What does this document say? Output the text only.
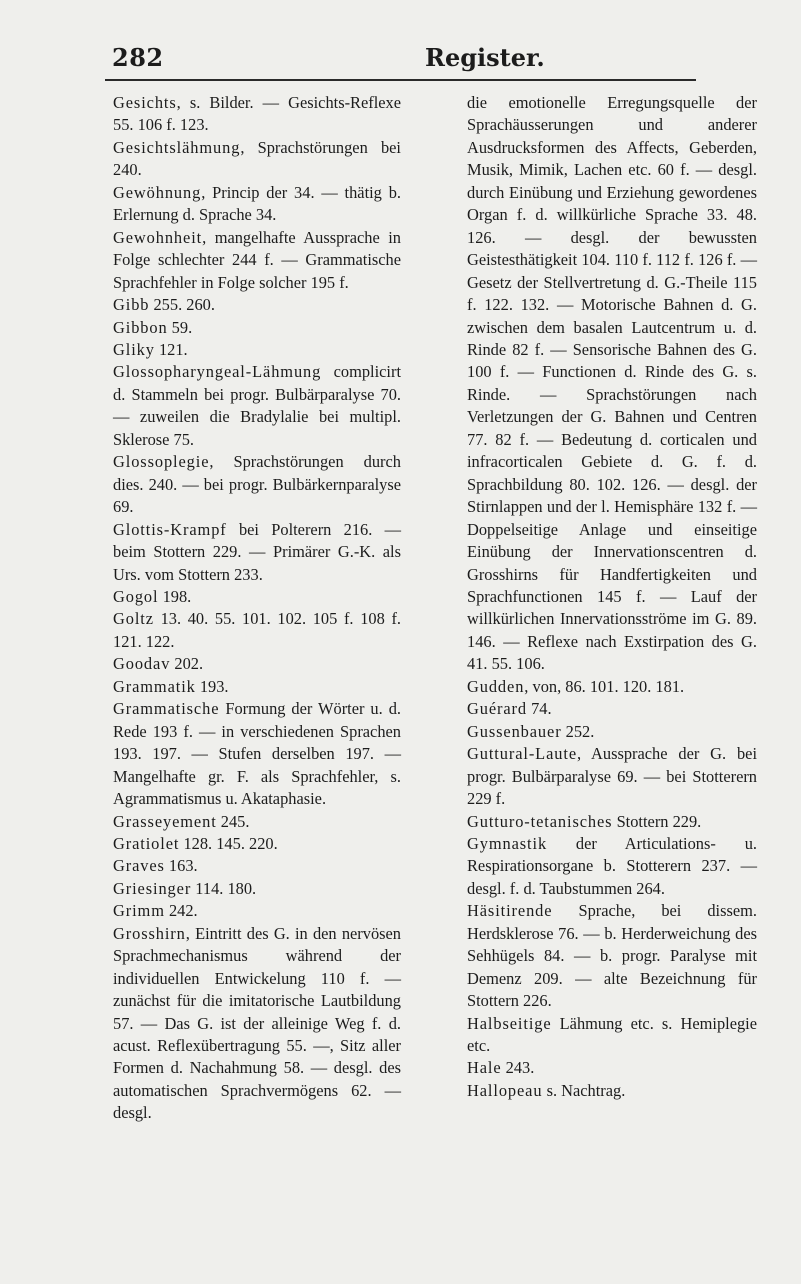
282	Register.

Gesichts, s. Bilder. — Gesichts-Reflexe 55. 106 f. 123.

Gesichtslähmung, Sprachstörungen bei 240.

Gewöhnung, Princip der 34. — thätig b. Erlernung d. Sprache 34.

Gewohnheit, mangelhafte Aussprache in Folge schlechter 244 f. — Grammatische Sprachfehler in Folge solcher 195 f.

Gibb 255. 260.

Gibbon 59.

Gliky 121.

Glossopharyngeal-Lähmung complicirt d. Stammeln bei progr. Bulbärparalyse 70. — zuweilen die Bradylalie bei multipl. Sklerose 75.

Glossoplegie, Sprachstörungen durch dies. 240. — bei progr. Bulbärkernparalyse 69.

Glottis-Krampf bei Polterern 216. — beim Stottern 229. — Primärer G.-K. als Urs. vom Stottern 233.

Gogol 198.

Goltz 13. 40. 55. 101. 102. 105 f. 108 f. 121. 122.

Goodav 202.

Grammatik 193.

Grammatische Formung der Wörter u. d. Rede 193 f. — in verschiedenen Sprachen 193. 197. — Stufen derselben 197. — Mangelhafte gr. F. als Sprachfehler, s. Agrammatismus u. Akataphasie.

Grasseyement 245.

Gratiolet 128. 145. 220.

Graves 163.

Griesinger 114. 180.

Grimm 242.

Grosshirn, Eintritt des G. in den nervösen Sprachmechanismus während der individuellen Entwickelung 110 f. — zunächst für die imitatorische Lautbildung 57. — Das G. ist der alleinige Weg f. d. acust. Reflexübertragung 55. —, Sitz aller Formen d. Nachahmung 58. — desgl. des automatischen Sprachvermögens 62. — desgl.

die emotionelle Erregungsquelle der Sprachäusserungen und anderer Ausdrucksformen des Affects, Geberden, Musik, Mimik, Lachen etc. 60 f. — desgl. durch Einübung und Erziehung gewordenes Organ f. d. willkürliche Sprache 33. 48. 126. — desgl. der bewussten Geistesthätigkeit 104. 110 f. 112 f. 126 f. — Gesetz der Stellvertretung d. G.-Theile 115 f. 122. 132. — Motorische Bahnen d. G. zwischen dem basalen Lautcentrum u. d. Rinde 82 f. — Sensorische Bahnen des G. 100 f. — Functionen d. Rinde des G. s. Rinde. — Sprachstörungen nach Verletzungen der G. Bahnen und Centren 77. 82 f. — Bedeutung d. corticalen und infracorticalen Gebiete d. G. f. d. Sprachbildung 80. 102. 126. — desgl. der Stirnlappen und der l. Hemisphäre 132 f. — Doppelseitige Anlage und einseitige Einübung der Innervationscentren d. Grosshirns für Handfertigkeiten und Sprachfunctionen 145 f. — Lauf der willkürlichen Innervationsströme im G. 89. 146. — Reflexe nach Exstirpation des G. 41. 55. 106.

Gudden, von, 86. 101. 120. 181.

Guérard 74.

Gussenbauer 252.

Guttural-Laute, Aussprache der G. bei progr. Bulbärparalyse 69. — bei Stotterern 229 f.

Gutturo-tetanisches Stottern 229.

Gymnastik der Articulations- u. Respirationsorgane b. Stotterern 237. — desgl. f. d. Taubstummen 264.

Häsitirende Sprache, bei dissem. Herdsklerose 76. — b. Herderweichung des Sehhügels 84. — b. progr. Paralyse mit Demenz 209. — alte Bezeichnung für Stottern 226.

Halbseitige Lähmung etc. s. Hemiplegie etc.

Hale 243.

Hallopeau s. Nachtrag.
